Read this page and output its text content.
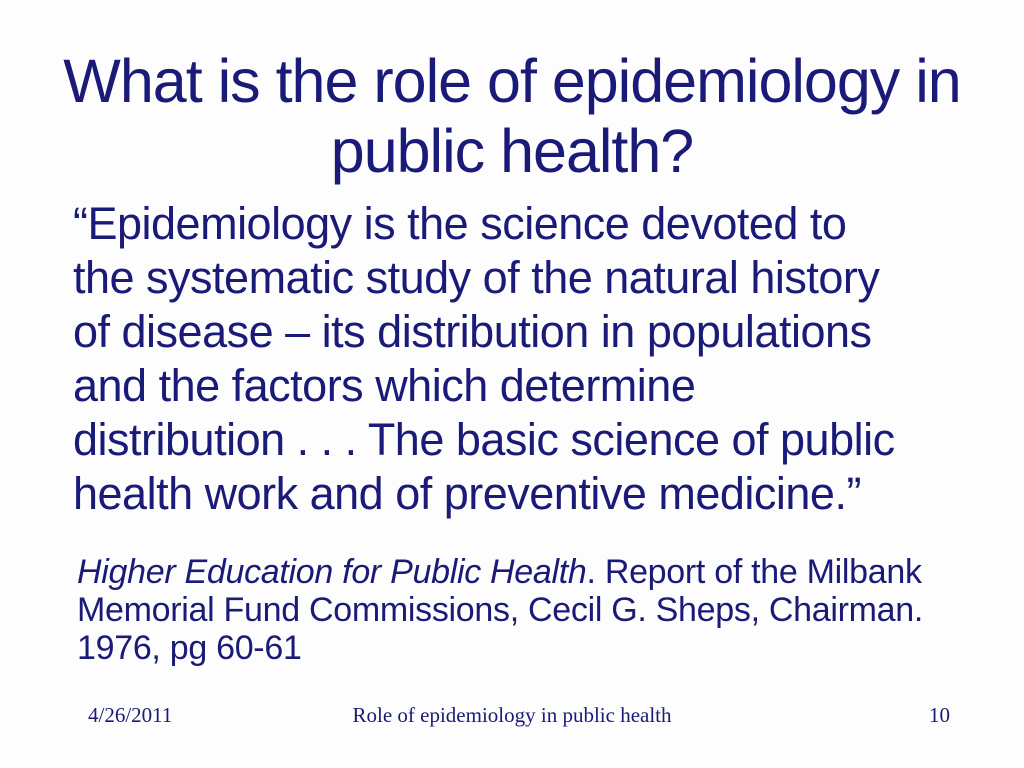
What is the role of epidemiology in
public health?
“Epidemiology is the science devoted to
the systematic study of the natural history
of disease – its distribution in populations
and the factors which determine
distribution . . . The basic science of public
health work and of preventive medicine.”
Higher Education for Public Health. Report of the Milbank
Memorial Fund Commissions, Cecil G. Sheps, Chairman.
1976, pg 60-61
4/26/2011	Role of epidemiology in public health	10
